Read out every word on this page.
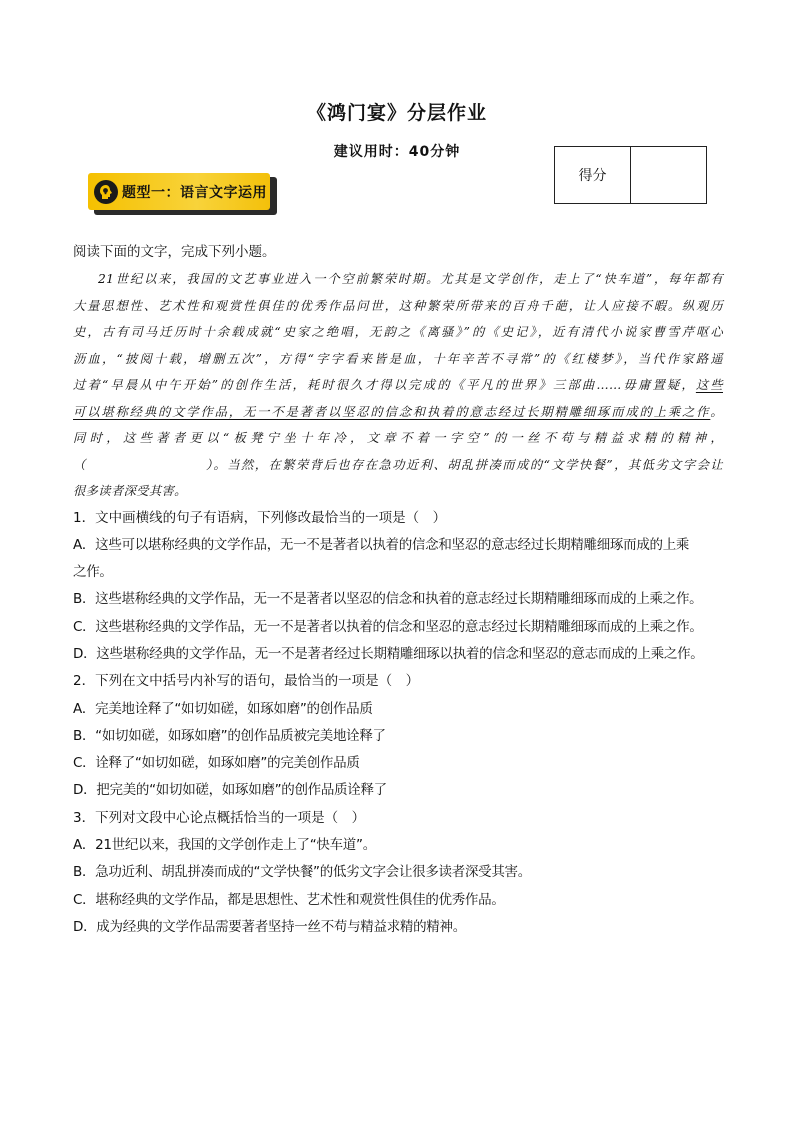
《鸿门宴》分层作业
建议用时：40分钟
得分
题型一：语言文字运用
阅读下面的文字，完成下列小题。
21世纪以来，我国的文艺事业进入一个空前繁荣时期。尤其是文学创作，走上了“快车道”，每年都有
大量思想性、艺术性和观赏性俱佳的优秀作品问世，这种繁荣所带来的百舟千葩，让人应接不暇。纵观历
史，古有司马迁历时十余载成就“史家之绝唱，无韵之《离骚》”的《史记》，近有清代小说家曹雪芹呕心
沥血，“披阅十载，增删五次”，方得“字字看来皆是血，十年辛苦不寻常”的《红楼梦》，当代作家路遥
过着“早晨从中午开始”的创作生活，耗时很久才得以完成的《平凡的世界》三部曲……毋庸置疑，这些
可以堪称经典的文学作品，无一不是著者以坚忍的信念和执着的意志经过长期精雕细琢而成的上乘之作。
同时，这些著者更以“板凳宁坐十年冷，文章不着一字空”的一丝不苟与精益求精的精神，
（	）。当然，在繁荣背后也存在急功近利、胡乱拼凑而成的“文学快餐”，其低劣文字会让
很多读者深受其害。
1．文中画横线的句子有语病，下列修改最恰当的一项是（　）
A．这些可以堪称经典的文学作品，无一不是著者以执着的信念和坚忍的意志经过长期精雕细琢而成的上乘
之作。
B．这些堪称经典的文学作品，无一不是著者以坚忍的信念和执着的意志经过长期精雕细琢而成的上乘之作。
C．这些堪称经典的文学作品，无一不是著者以执着的信念和坚忍的意志经过长期精雕细琢而成的上乘之作。
D．这些堪称经典的文学作品，无一不是著者经过长期精雕细琢以执着的信念和坚忍的意志而成的上乘之作。
2．下列在文中括号内补写的语句，最恰当的一项是（　）
A．完美地诠释了“如切如磋，如琢如磨”的创作品质
B．“如切如磋，如琢如磨”的创作品质被完美地诠释了
C．诠释了“如切如磋，如琢如磨”的完美创作品质
D．把完美的“如切如磋，如琢如磨”的创作品质诠释了
3．下列对文段中心论点概括恰当的一项是（　）
A．21世纪以来，我国的文学创作走上了“快车道”。
B．急功近利、胡乱拼凑而成的“文学快餐”的低劣文字会让很多读者深受其害。
C．堪称经典的文学作品，都是思想性、艺术性和观赏性俱佳的优秀作品。
D．成为经典的文学作品需要著者坚持一丝不苟与精益求精的精神。
